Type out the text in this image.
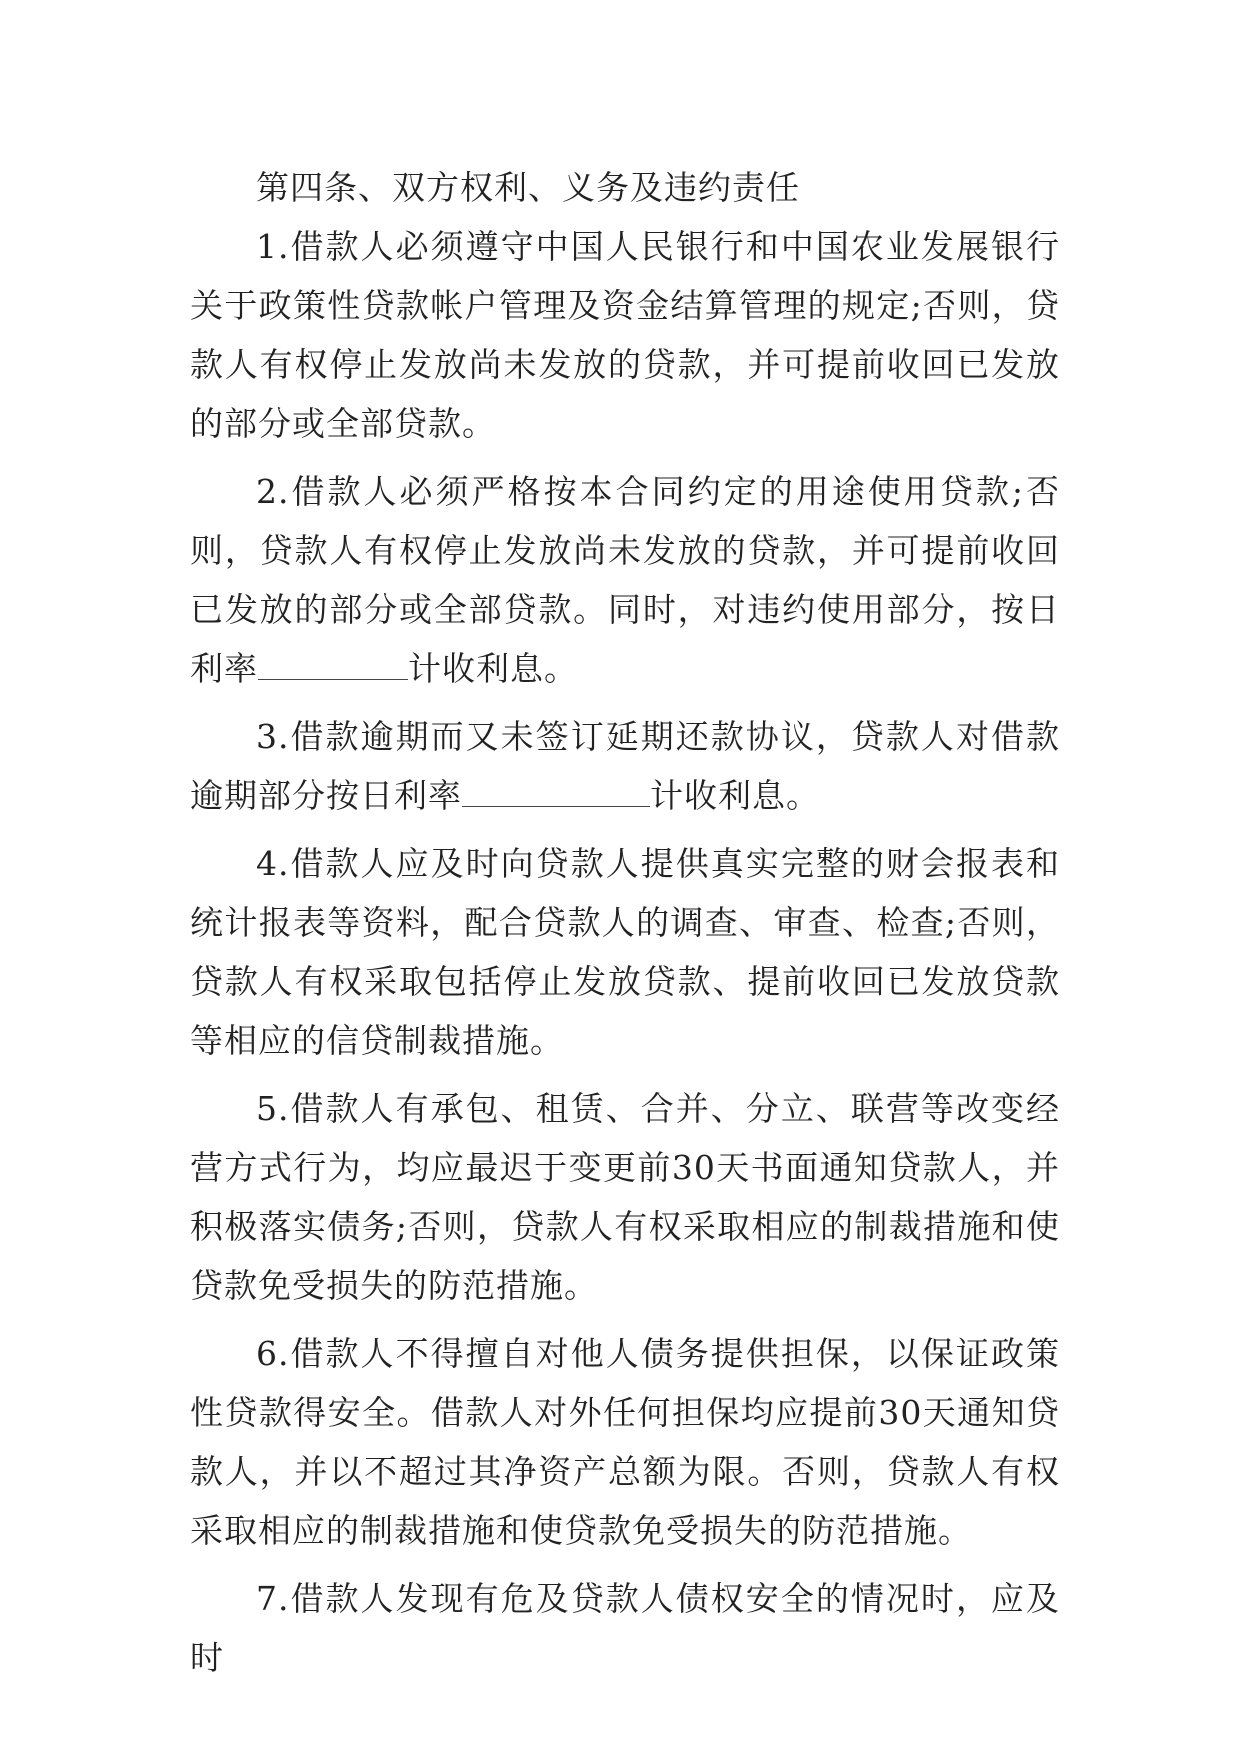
第四条、双方权利、义务及违约责任

1.借款人必须遵守中国人民银行和中国农业发展银行关于政策性贷款帐户管理及资金结算管理的规定;否则，贷款人有权停止发放尚未发放的贷款，并可提前收回已发放的部分或全部贷款。

2.借款人必须严格按本合同约定的用途使用贷款;否则，贷款人有权停止发放尚未发放的贷款，并可提前收回已发放的部分或全部贷款。同时，对违约使用部分，按日利率	计收利息。

3.借款逾期而又未签订延期还款协议，贷款人对借款逾期部分按日利率	计收利息。

4.借款人应及时向贷款人提供真实完整的财会报表和统计报表等资料，配合贷款人的调查、审查、检查;否则，贷款人有权采取包括停止发放贷款、提前收回已发放贷款等相应的信贷制裁措施。

5.借款人有承包、租赁、合并、分立、联营等改变经营方式行为，均应最迟于变更前30天书面通知贷款人，并积极落实债务;否则，贷款人有权采取相应的制裁措施和使贷款免受损失的防范措施。

6.借款人不得擅自对他人债务提供担保，以保证政策性贷款得安全。借款人对外任何担保均应提前30天通知贷款人，并以不超过其净资产总额为限。否则，贷款人有权采取相应的制裁措施和使贷款免受损失的防范措施。

7.借款人发现有危及贷款人债权安全的情况时，应及时
